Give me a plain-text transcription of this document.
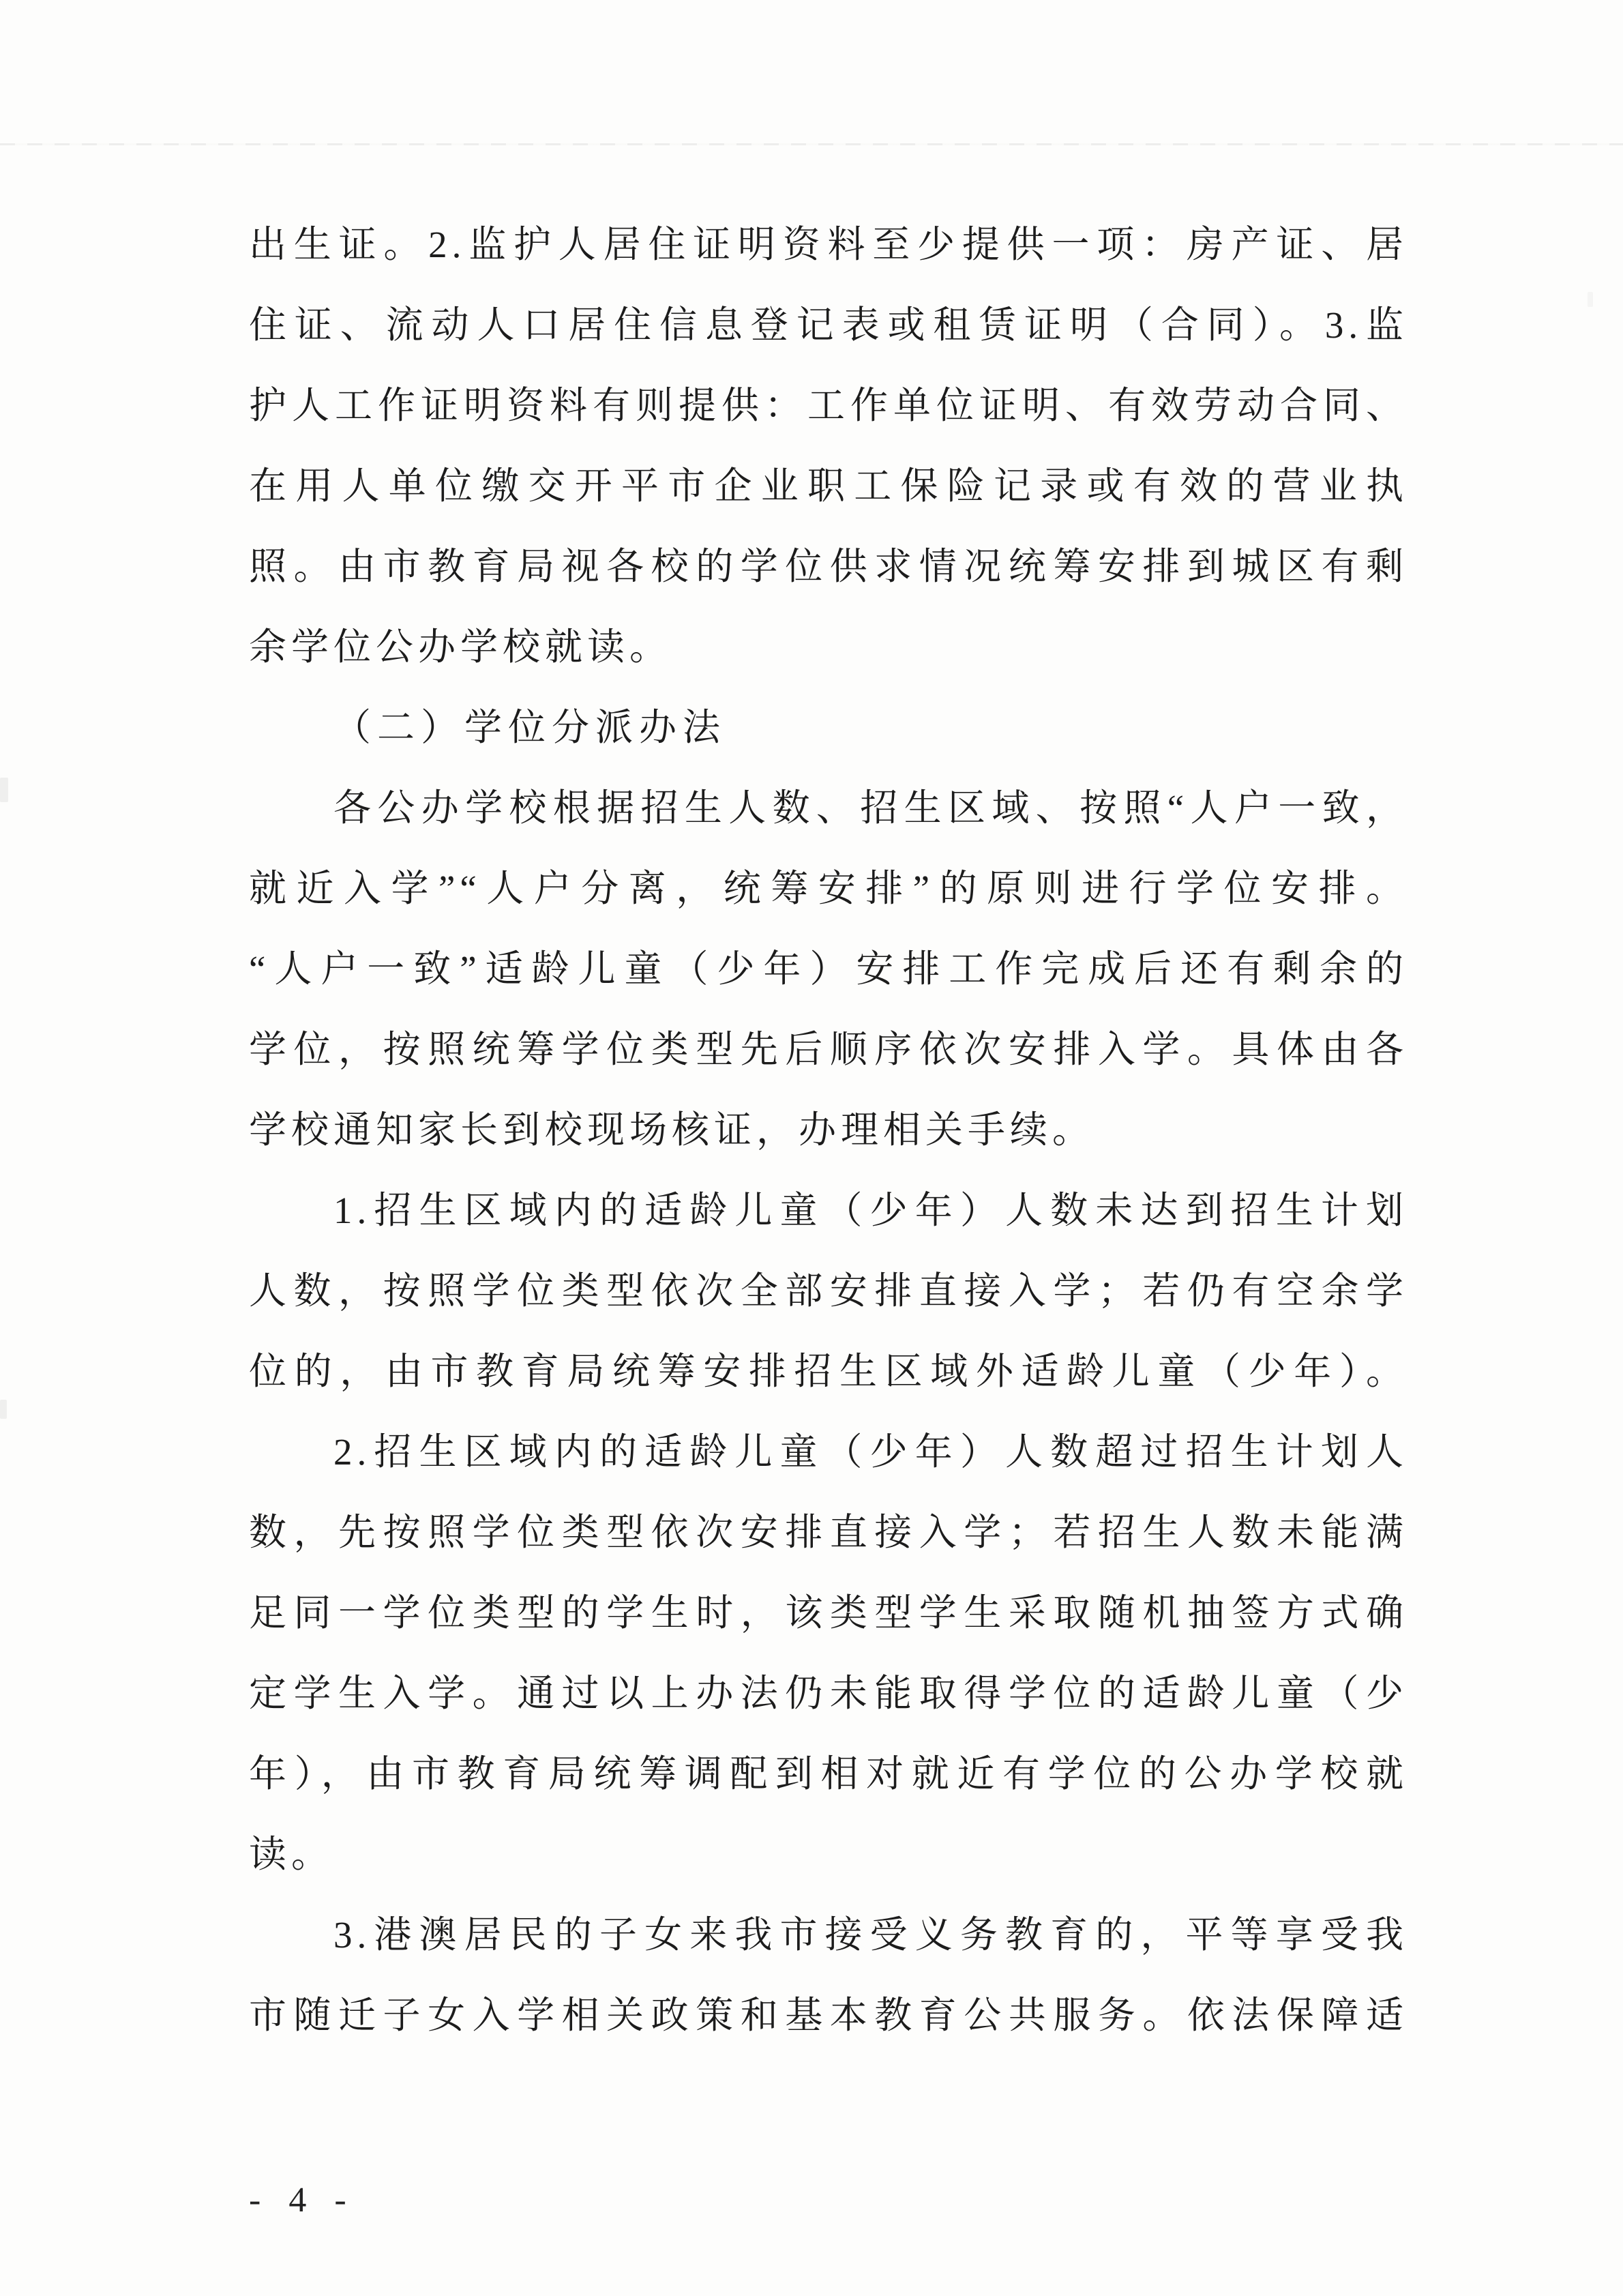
出生证。2.监护人居住证明资料至少提供一项：房产证、居
住证、流动人口居住信息登记表或租赁证明（合同）。3.监
护人工作证明资料有则提供：工作单位证明、有效劳动合同、
在用人单位缴交开平市企业职工保险记录或有效的营业执
照。由市教育局视各校的学位供求情况统筹安排到城区有剩
余学位公办学校就读。
（二）学位分派办法
各公办学校根据招生人数、招生区域、按照“人户一致，
就近入学”“人户分离，统筹安排”的原则进行学位安排。
“人户一致”适龄儿童（少年）安排工作完成后还有剩余的
学位，按照统筹学位类型先后顺序依次安排入学。具体由各
学校通知家长到校现场核证，办理相关手续。
1.招生区域内的适龄儿童（少年）人数未达到招生计划
人数，按照学位类型依次全部安排直接入学；若仍有空余学
位的，由市教育局统筹安排招生区域外适龄儿童（少年）。
2.招生区域内的适龄儿童（少年）人数超过招生计划人
数，先按照学位类型依次安排直接入学；若招生人数未能满
足同一学位类型的学生时，该类型学生采取随机抽签方式确
定学生入学。通过以上办法仍未能取得学位的适龄儿童（少
年），由市教育局统筹调配到相对就近有学位的公办学校就
读。
3.港澳居民的子女来我市接受义务教育的，平等享受我
市随迁子女入学相关政策和基本教育公共服务。依法保障适
- 4 -
